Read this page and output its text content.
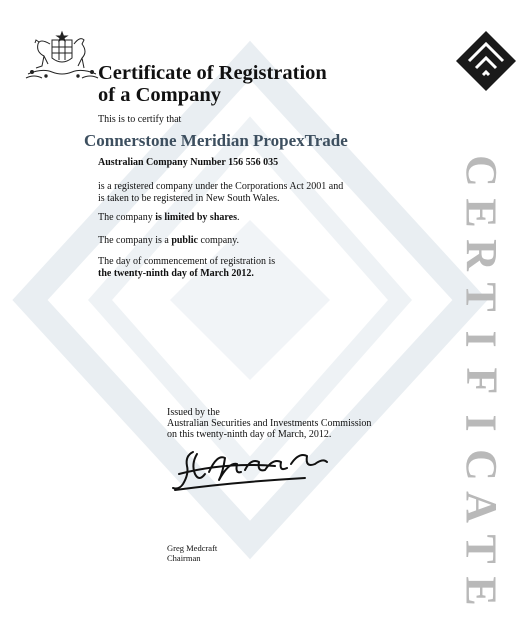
Certificate of Registration
of a Company
This is to certify that
Connerstone Meridian PropexTrade
Australian Company Number 156 556 035
is a registered company under the Corporations Act 2001 and
is taken to be registered in New South Wales.
The company is limited by shares.
The company is a public company.
The day of commencement of registration is
the twenty-ninth day of March 2012.
Issued by the
Australian Securities and Investments Commission
on this twenty-ninth day of March, 2012.
Greg Medcraft
Chairman
C
E
R
T
I
F
I
C
A
T
E
